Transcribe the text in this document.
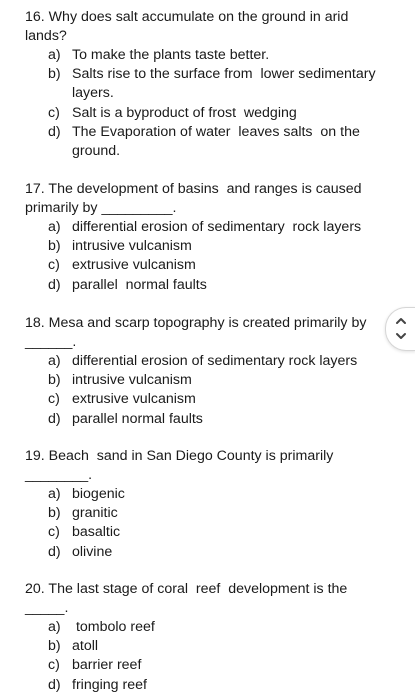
16. Why does salt accumulate on the ground in arid
lands?
a) To make the plants taste better.
b) Salts rise to the surface from  lower sedimentary
layers.
c) Salt is a byproduct of frost  wedging
d) The Evaporation of water  leaves salts  on the
ground.
17. The development of basins  and ranges is caused
primarily by _________.
a) differential erosion of sedimentary  rock layers
b) intrusive vulcanism
c) extrusive vulcanism
d) parallel  normal faults
18. Mesa and scarp topography is created primarily by
______.
a) differential erosion of sedimentary rock layers
b) intrusive vulcanism
c) extrusive vulcanism
d) parallel normal faults
19. Beach  sand in San Diego County is primarily
________.
a) biogenic
b) granitic
c) basaltic
d) olivine
20. The last stage of coral  reef  development is the
_____.
a) tombolo reef
b) atoll
c) barrier reef
d) fringing reef
